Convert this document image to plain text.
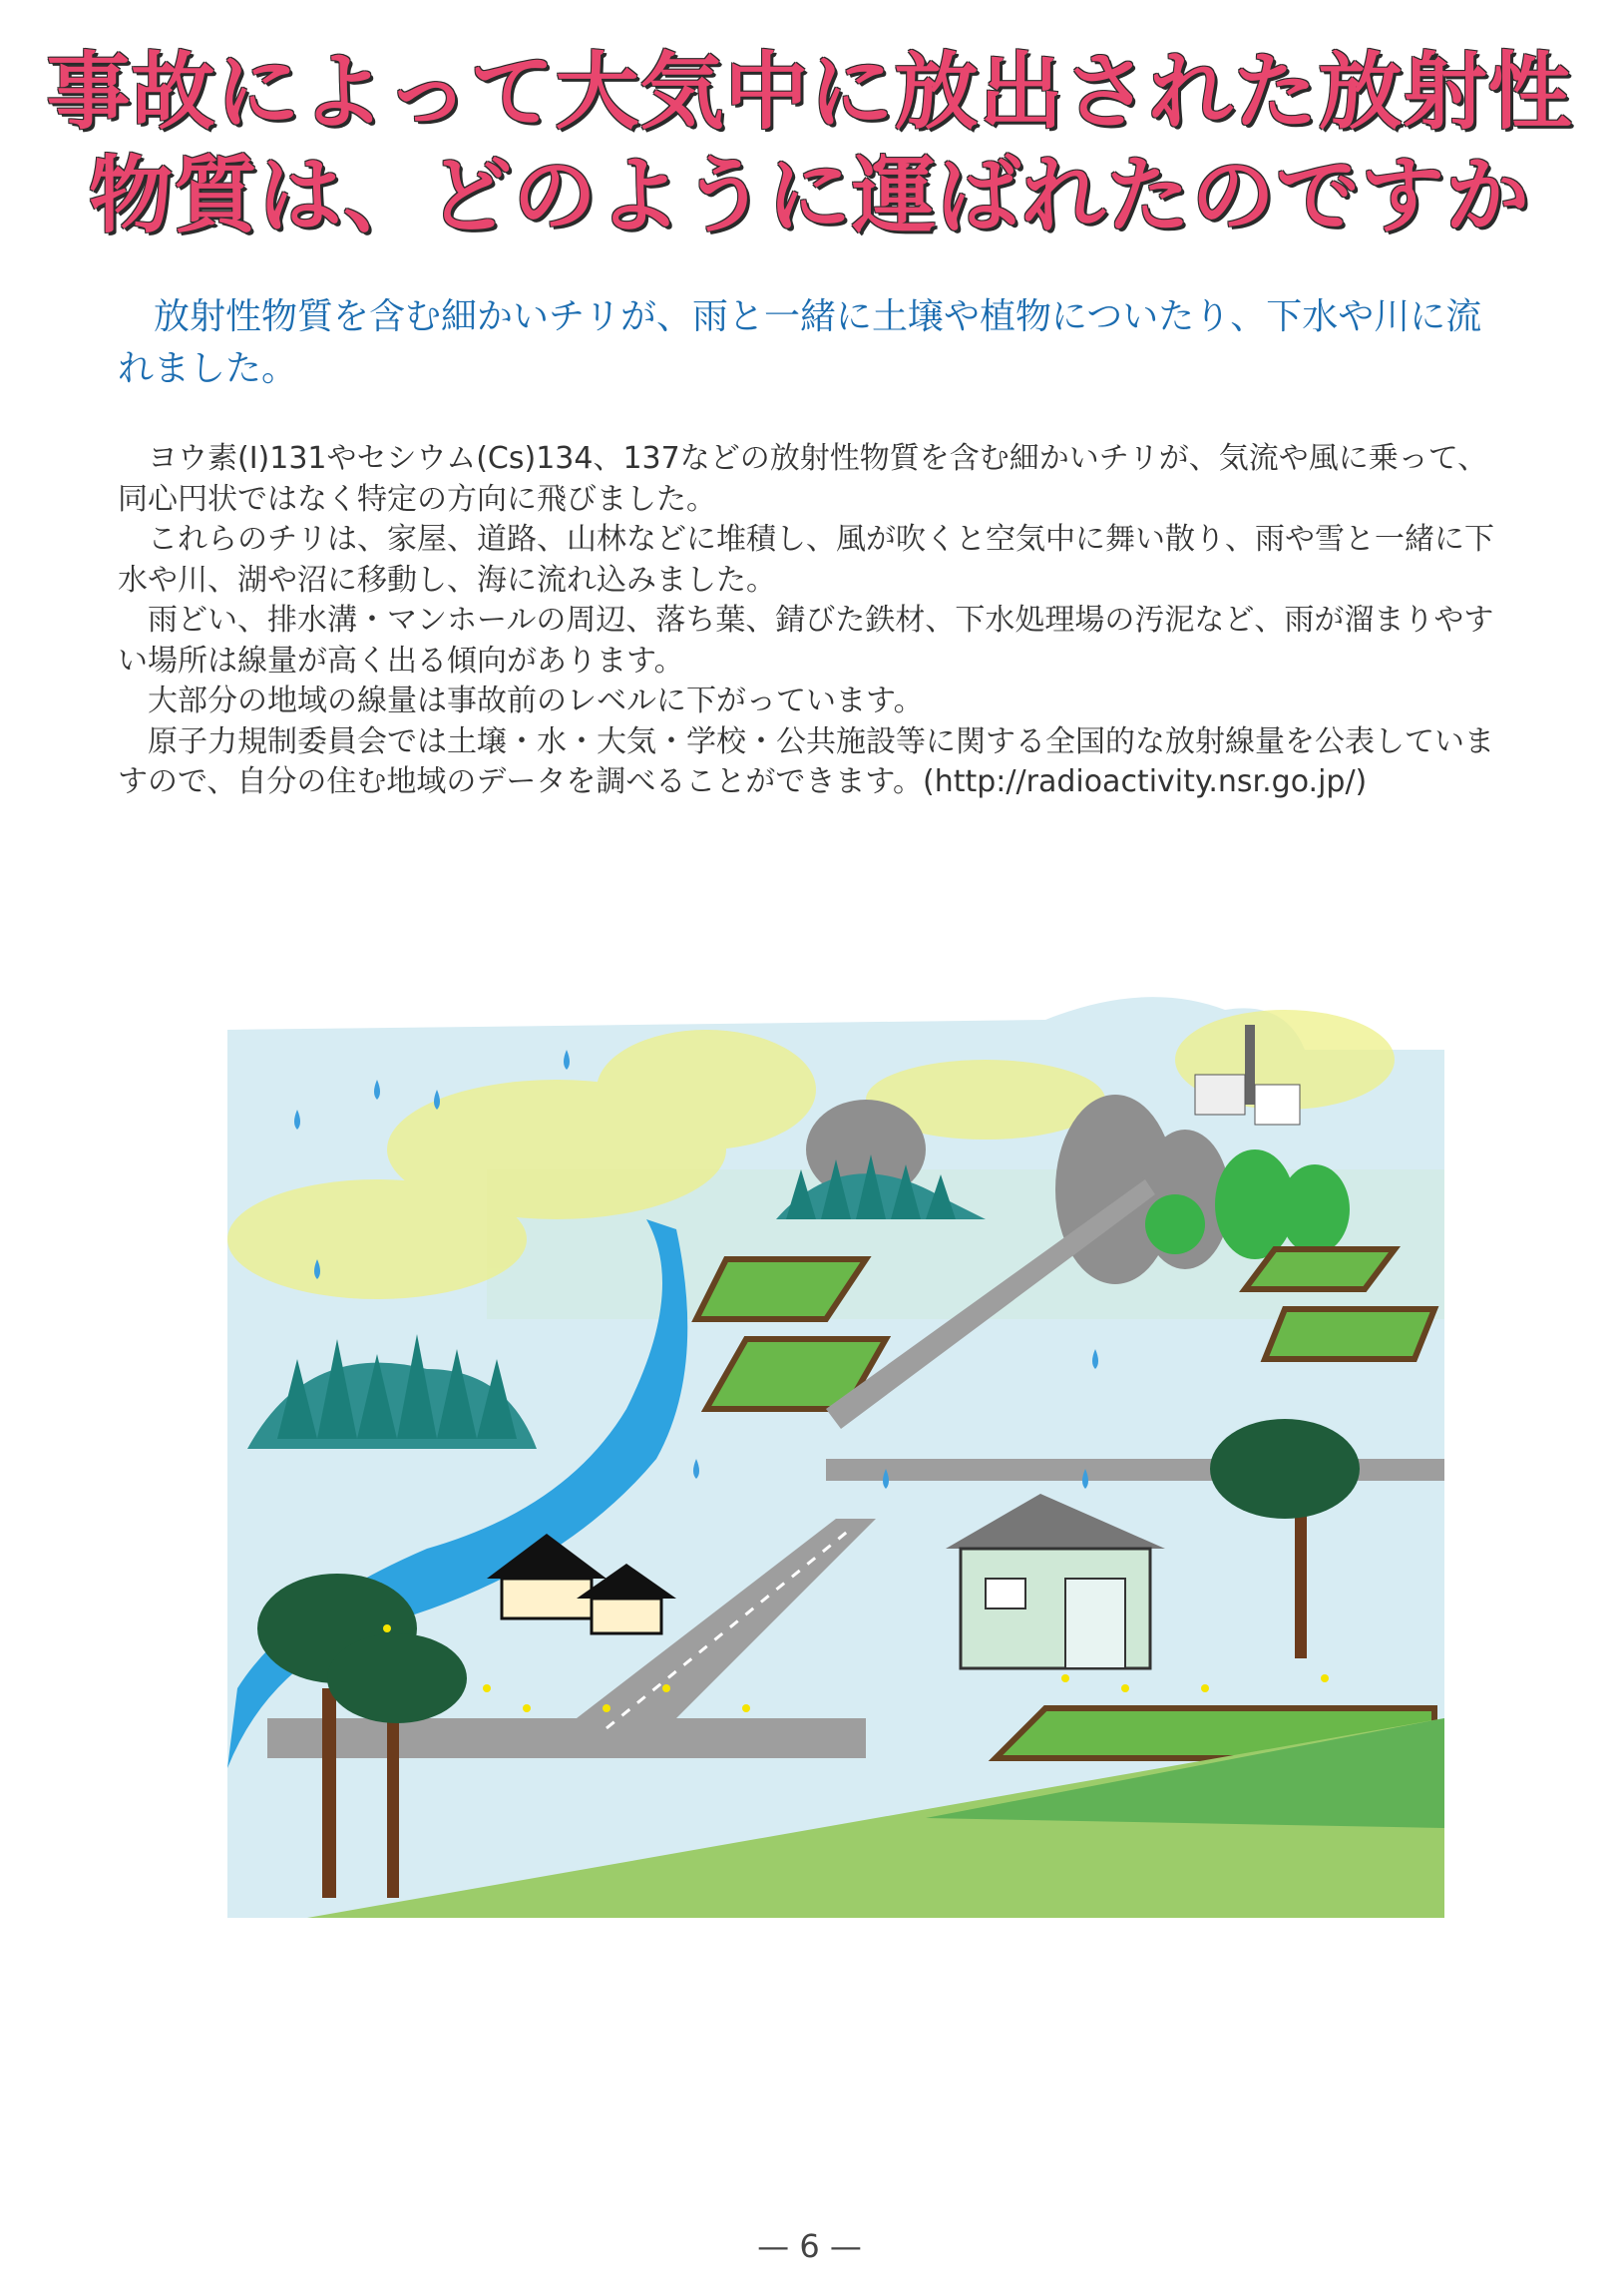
事故によって大気中に放出された放射性
物質は、どのように運ばれたのですか

放射性物質を含む細かいチリが、雨と一緒に土壌や植物についたり、下水や川に流れました。

ヨウ素(I)131やセシウム(Cs)134、137などの放射性物質を含む細かいチリが、気流や風に乗って、同心円状ではなく特定の方向に飛びました。

これらのチリは、家屋、道路、山林などに堆積し、風が吹くと空気中に舞い散り、雨や雪と一緒に下水や川、湖や沼に移動し、海に流れ込みました。

雨どい、排水溝・マンホールの周辺、落ち葉、錆びた鉄材、下水処理場の汚泥など、雨が溜まりやすい場所は線量が高く出る傾向があります。

大部分の地域の線量は事故前のレベルに下がっています。

原子力規制委員会では土壌・水・大気・学校・公共施設等に関する全国的な放射線量を公表していますので、自分の住む地域のデータを調べることができます。(http://radioactivity.nsr.go.jp/)

— 6 —
